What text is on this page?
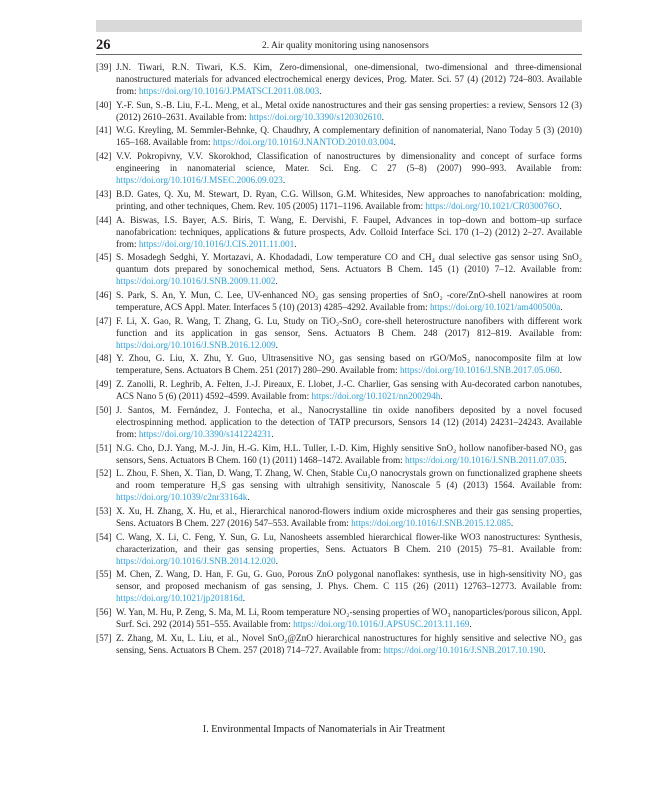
26	2. Air quality monitoring using nanosensors
[39] J.N. Tiwari, R.N. Tiwari, K.S. Kim, Zero-dimensional, one-dimensional, two-dimensional and three-dimensional nanostructured materials for advanced electrochemical energy devices, Prog. Mater. Sci. 57 (4) (2012) 724–803. Available from: https://doi.org/10.1016/J.PMATSCI.2011.08.003.
[40] Y.-F. Sun, S.-B. Liu, F.-L. Meng, et al., Metal oxide nanostructures and their gas sensing properties: a review, Sensors 12 (3) (2012) 2610–2631. Available from: https://doi.org/10.3390/s120302610.
[41] W.G. Kreyling, M. Semmler-Behnke, Q. Chaudhry, A complementary definition of nanomaterial, Nano Today 5 (3) (2010) 165–168. Available from: https://doi.org/10.1016/J.NANTOD.2010.03.004.
[42] V.V. Pokropivny, V.V. Skorokhod, Classification of nanostructures by dimensionality and concept of surface forms engineering in nanomaterial science, Mater. Sci. Eng. C 27 (5–8) (2007) 990–993. Available from: https://doi.org/10.1016/J.MSEC.2006.09.023.
[43] B.D. Gates, Q. Xu, M. Stewart, D. Ryan, C.G. Willson, G.M. Whitesides, New approaches to nanofabrication: molding, printing, and other techniques, Chem. Rev. 105 (2005) 1171–1196. Available from: https://doi.org/10.1021/CR030076O.
[44] A. Biswas, I.S. Bayer, A.S. Biris, T. Wang, E. Dervishi, F. Faupel, Advances in top–down and bottom–up surface nanofabrication: techniques, applications & future prospects, Adv. Colloid Interface Sci. 170 (1–2) (2012) 2–27. Available from: https://doi.org/10.1016/J.CIS.2011.11.001.
[45] S. Mosadegh Sedghi, Y. Mortazavi, A. Khodadadi, Low temperature CO and CH₄ dual selective gas sensor using SnO₂ quantum dots prepared by sonochemical method, Sens. Actuators B Chem. 145 (1) (2010) 7–12. Available from: https://doi.org/10.1016/J.SNB.2009.11.002.
[46] S. Park, S. An, Y. Mun, C. Lee, UV-enhanced NO₂ gas sensing properties of SnO₂ -core/ZnO-shell nanowires at room temperature, ACS Appl. Mater. Interfaces 5 (10) (2013) 4285–4292. Available from: https://doi.org/10.1021/am400500a.
[47] F. Li, X. Gao, R. Wang, T. Zhang, G. Lu, Study on TiO₂-SnO₂ core-shell heterostructure nanofibers with different work function and its application in gas sensor, Sens. Actuators B Chem. 248 (2017) 812–819. Available from: https://doi.org/10.1016/J.SNB.2016.12.009.
[48] Y. Zhou, G. Liu, X. Zhu, Y. Guo, Ultrasensitive NO₂ gas sensing based on rGO/MoS₂ nanocomposite film at low temperature, Sens. Actuators B Chem. 251 (2017) 280–290. Available from: https://doi.org/10.1016/J.SNB.2017.05.060.
[49] Z. Zanolli, R. Leghrib, A. Felten, J.-J. Pireaux, E. Llobet, J.-C. Charlier, Gas sensing with Au-decorated carbon nanotubes, ACS Nano 5 (6) (2011) 4592–4599. Available from: https://doi.org/10.1021/nn200294h.
[50] J. Santos, M. Fernández, J. Fontecha, et al., Nanocrystalline tin oxide nanofibers deposited by a novel focused electrospinning method. application to the detection of TATP precursors, Sensors 14 (12) (2014) 24231–24243. Available from: https://doi.org/10.3390/s141224231.
[51] N.G. Cho, D.J. Yang, M.-J. Jin, H.-G. Kim, H.L. Tuller, I.-D. Kim, Highly sensitive SnO₂ hollow nanofiber-based NO₂ gas sensors, Sens. Actuators B Chem. 160 (1) (2011) 1468–1472. Available from: https://doi.org/10.1016/J.SNB.2011.07.035.
[52] L. Zhou, F. Shen, X. Tian, D. Wang, T. Zhang, W. Chen, Stable Cu₂O nanocrystals grown on functionalized graphene sheets and room temperature H₂S gas sensing with ultrahigh sensitivity, Nanoscale 5 (4) (2013) 1564. Available from: https://doi.org/10.1039/c2nr33164k.
[53] X. Xu, H. Zhang, X. Hu, et al., Hierarchical nanorod-flowers indium oxide microspheres and their gas sensing properties, Sens. Actuators B Chem. 227 (2016) 547–553. Available from: https://doi.org/10.1016/J.SNB.2015.12.085.
[54] C. Wang, X. Li, C. Feng, Y. Sun, G. Lu, Nanosheets assembled hierarchical flower-like WO3 nanostructures: Synthesis, characterization, and their gas sensing properties, Sens. Actuators B Chem. 210 (2015) 75–81. Available from: https://doi.org/10.1016/J.SNB.2014.12.020.
[55] M. Chen, Z. Wang, D. Han, F. Gu, G. Guo, Porous ZnO polygonal nanoflakes: synthesis, use in high-sensitivity NO₂ gas sensor, and proposed mechanism of gas sensing, J. Phys. Chem. C 115 (26) (2011) 12763–12773. Available from: https://doi.org/10.1021/jp201816d.
[56] W. Yan, M. Hu, P. Zeng, S. Ma, M. Li, Room temperature NO₂-sensing properties of WO₃ nanoparticles/porous silicon, Appl. Surf. Sci. 292 (2014) 551–555. Available from: https://doi.org/10.1016/J.APSUSC.2013.11.169.
[57] Z. Zhang, M. Xu, L. Liu, et al., Novel SnO₂@ZnO hierarchical nanostructures for highly sensitive and selective NO₂ gas sensing, Sens. Actuators B Chem. 257 (2018) 714–727. Available from: https://doi.org/10.1016/J.SNB.2017.10.190.
I. Environmental Impacts of Nanomaterials in Air Treatment
